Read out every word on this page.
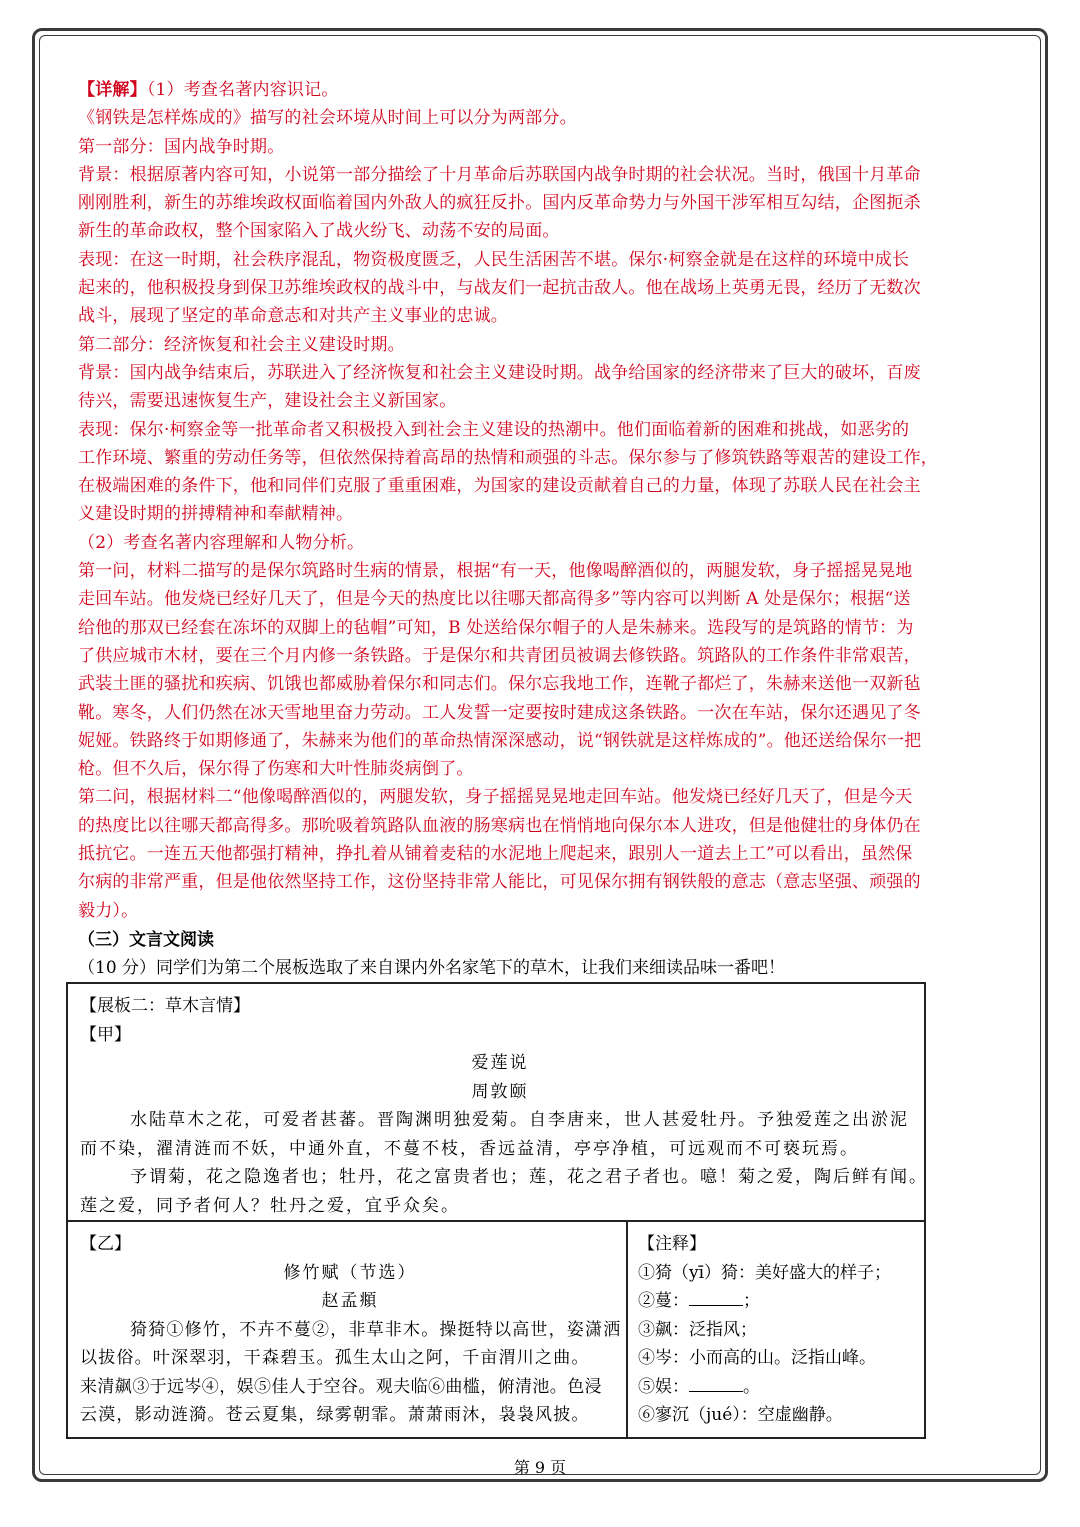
【详解】（1）考查名著内容识记。
《钢铁是怎样炼成的》描写的社会环境从时间上可以分为两部分。
第一部分：国内战争时期。
背景：根据原著内容可知，小说第一部分描绘了十月革命后苏联国内战争时期的社会状况。当时，俄国十月革命
刚刚胜利，新生的苏维埃政权面临着国内外敌人的疯狂反扑。国内反革命势力与外国干涉军相互勾结，企图扼杀
新生的革命政权，整个国家陷入了战火纷飞、动荡不安的局面。
表现：在这一时期，社会秩序混乱，物资极度匮乏，人民生活困苦不堪。保尔·柯察金就是在这样的环境中成长
起来的，他积极投身到保卫苏维埃政权的战斗中，与战友们一起抗击敌人。他在战场上英勇无畏，经历了无数次
战斗，展现了坚定的革命意志和对共产主义事业的忠诚。
第二部分：经济恢复和社会主义建设时期。
背景：国内战争结束后，苏联进入了经济恢复和社会主义建设时期。战争给国家的经济带来了巨大的破坏，百废
待兴，需要迅速恢复生产，建设社会主义新国家。
表现：保尔·柯察金等一批革命者又积极投入到社会主义建设的热潮中。他们面临着新的困难和挑战，如恶劣的
工作环境、繁重的劳动任务等，但依然保持着高昂的热情和顽强的斗志。保尔参与了修筑铁路等艰苦的建设工作，
在极端困难的条件下，他和同伴们克服了重重困难，为国家的建设贡献着自己的力量，体现了苏联人民在社会主
义建设时期的拼搏精神和奉献精神。
（2）考查名著内容理解和人物分析。
第一问，材料二描写的是保尔筑路时生病的情景，根据“有一天，他像喝醉酒似的，两腿发软，身子摇摇晃晃地
走回车站。他发烧已经好几天了，但是今天的热度比以往哪天都高得多”等内容可以判断 A 处是保尔；根据“送
给他的那双已经套在冻坏的双脚上的毡帽”可知，B 处送给保尔帽子的人是朱赫来。选段写的是筑路的情节：为
了供应城市木材，要在三个月内修一条铁路。于是保尔和共青团员被调去修铁路。筑路队的工作条件非常艰苦，
武装土匪的骚扰和疾病、饥饿也都威胁着保尔和同志们。保尔忘我地工作，连靴子都烂了，朱赫来送他一双新毡
靴。寒冬，人们仍然在冰天雪地里奋力劳动。工人发誓一定要按时建成这条铁路。一次在车站，保尔还遇见了冬
妮娅。铁路终于如期修通了，朱赫来为他们的革命热情深深感动，说“钢铁就是这样炼成的”。他还送给保尔一把
枪。但不久后，保尔得了伤寒和大叶性肺炎病倒了。
第二问，根据材料二“他像喝醉酒似的，两腿发软，身子摇摇晃晃地走回车站。他发烧已经好几天了，但是今天
的热度比以往哪天都高得多。那吮吸着筑路队血液的肠寒病也在悄悄地向保尔本人进攻，但是他健壮的身体仍在
抵抗它。一连五天他都强打精神，挣扎着从铺着麦秸的水泥地上爬起来，跟别人一道去上工”可以看出，虽然保
尔病的非常严重，但是他依然坚持工作，这份坚持非常人能比，可见保尔拥有钢铁般的意志（意志坚强、顽强的
毅力）。
（三）文言文阅读
（10 分）同学们为第二个展板选取了来自课内外名家笔下的草木，让我们来细读品味一番吧！
【展板二：草木言情】
【甲】
爱莲说
周敦颐
水陆草木之花，可爱者甚蕃。晋陶渊明独爱菊。自李唐来，世人甚爱牡丹。予独爱莲之出淤泥
而不染，濯清涟而不妖，中通外直，不蔓不枝，香远益清，亭亭净植，可远观而不可亵玩焉。
予谓菊，花之隐逸者也；牡丹，花之富贵者也；莲，花之君子者也。噫！菊之爱，陶后鲜有闻。
莲之爱，同予者何人？牡丹之爱，宜乎众矣。
【乙】
修竹赋（节选）
赵孟頫
猗猗①修竹，不卉不蔓②，非草非木。操挺特以高世，姿潇洒
以拔俗。叶深翠羽，干森碧玉。孤生太山之阿，千亩渭川之曲。
来清飙③于远岑④，娱⑤佳人于空谷。观夫临⑥曲槛，俯清池。色浸
云漠，影动涟漪。苍云夏集，绿雾朝霏。萧萧雨沐，袅袅风披。
【注释】
①猗（yī）猗：美好盛大的样子；
②蔓：	；
③飙：泛指风；
④岑：小而高的山。泛指山峰。
⑤娱：	。
⑥寥沉（jué）：空虚幽静。
第 9 页
